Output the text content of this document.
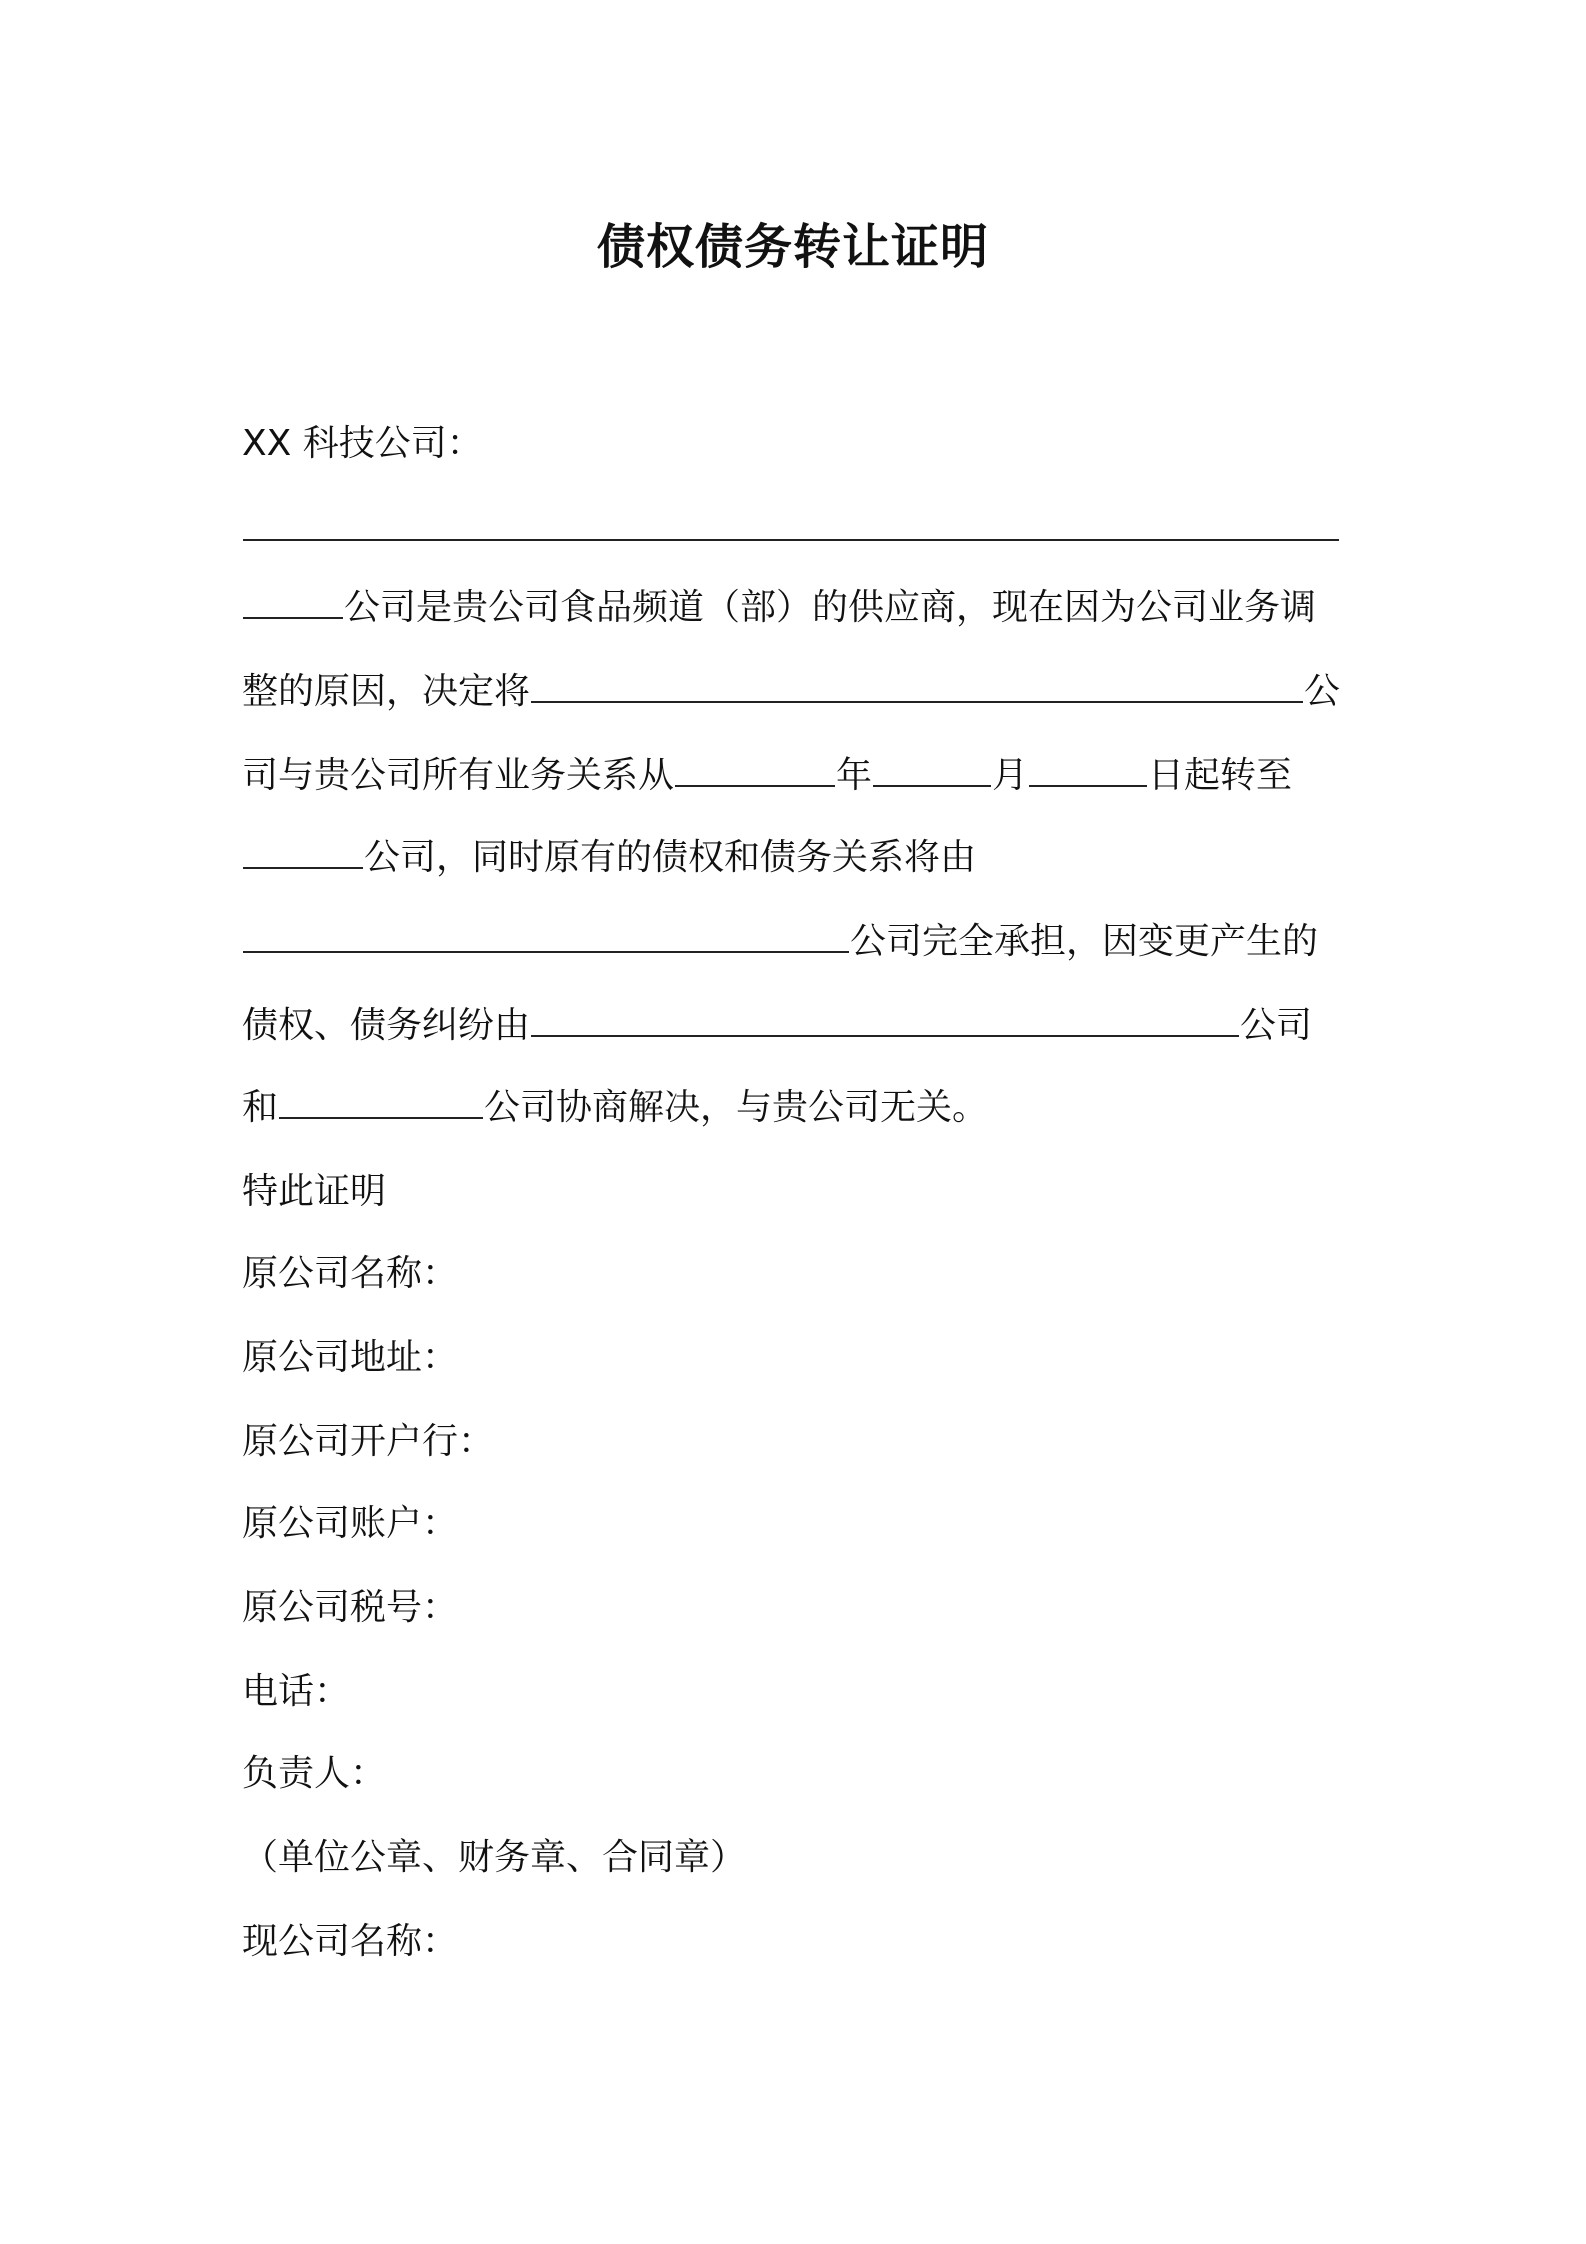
债权债务转让证明
XX 科技公司：
公司是贵公司食品频道（部）的供应商，现在因为公司业务调
整的原因，决定将	公
司与贵公司所有业务关系从	年	月	日起转至
公司，同时原有的债权和债务关系将由
公司完全承担，因变更产生的
债权、债务纠纷由	公司
和	公司协商解决，与贵公司无关。
特此证明
原公司名称：
原公司地址：
原公司开户行：
原公司账户：
原公司税号：
电话：
负责人：
（单位公章、财务章、合同章）
现公司名称：
